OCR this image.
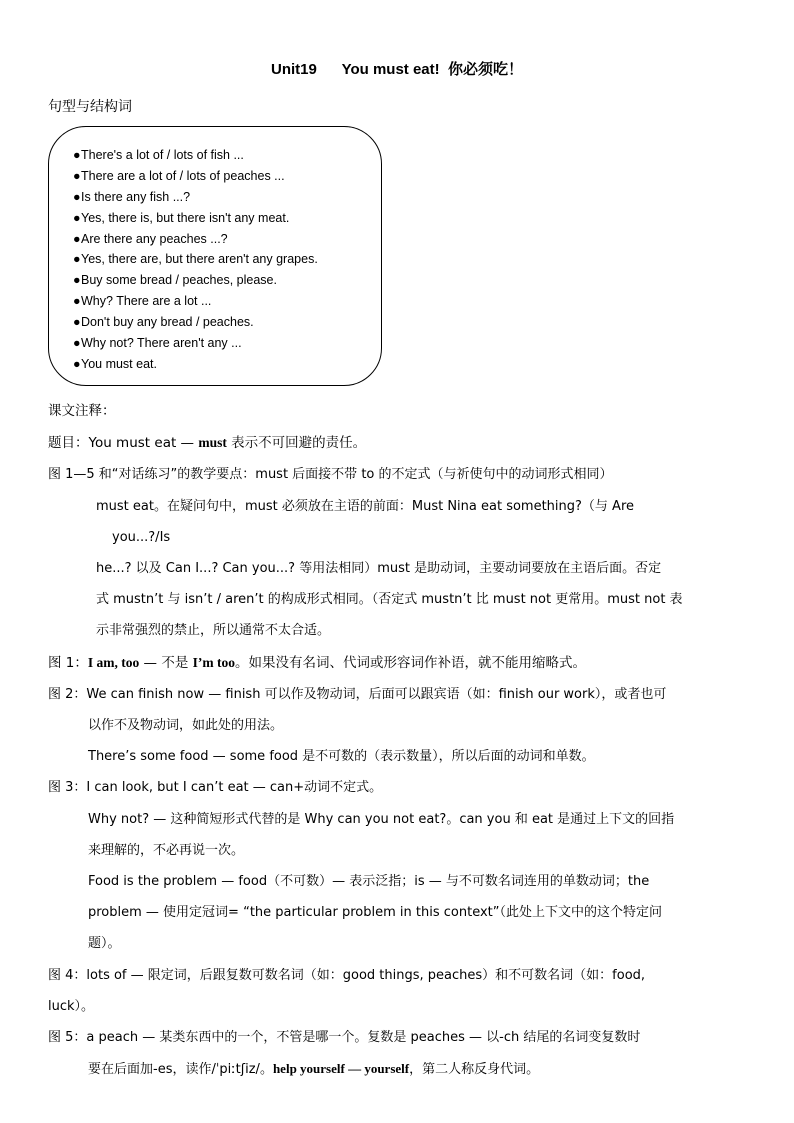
Unit19      You must eat!  你必须吃！
句型与结构词
●There's a lot of / lots of fish ...
●There are a lot of / lots of peaches ...
●Is there any fish ...?
●Yes, there is, but there isn't any meat.
●Are there any peaches ...?
●Yes, there are, but there aren't any grapes.
●Buy some bread / peaches, please.
●Why? There are a lot ...
●Don't buy any bread / peaches.
●Why not? There aren't any ...
●You must eat.
课文注释：
题目：You must eat — must 表示不可回避的责任。
图 1—5 和“对话练习”的教学要点：must 后面接不带 to 的不定式（与祈使句中的动词形式相同）
must eat。在疑问句中，must 必须放在主语的前面：Must Nina eat something?（与 Are
you...?/Is
he...? 以及 Can I...? Can you...? 等用法相同）must 是助动词，主要动词要放在主语后面。否定
式 mustn’t 与 isn’t / aren’t 的构成形式相同。（否定式 mustn’t 比 must not 更常用。must not 表
示非常强烈的禁止，所以通常不太合适。
图 1：I am, too — 不是 I’m too。如果没有名词、代词或形容词作补语，就不能用缩略式。
图 2：We can finish now — finish 可以作及物动词，后面可以跟宾语（如：finish our work），或者也可
以作不及物动词，如此处的用法。
There’s some food — some food 是不可数的（表示数量），所以后面的动词和单数。
图 3：I can look, but I can’t eat — can+动词不定式。
Why not? — 这种简短形式代替的是 Why can you not eat?。can you 和 eat 是通过上下文的回指
来理解的，不必再说一次。
Food is the problem — food（不可数）— 表示泛指；is — 与不可数名词连用的单数动词；the
problem — 使用定冠词= “the particular problem in this context”（此处上下文中的这个特定问
题）。
图 4：lots of — 限定词，后跟复数可数名词（如：good things, peaches）和不可数名词（如：food,
luck）。
图 5：a peach — 某类东西中的一个，不管是哪一个。复数是 peaches — 以-ch 结尾的名词变复数时
要在后面加-es，读作/ˈpiːtʃiz/。help yourself — yourself，第二人称反身代词。
